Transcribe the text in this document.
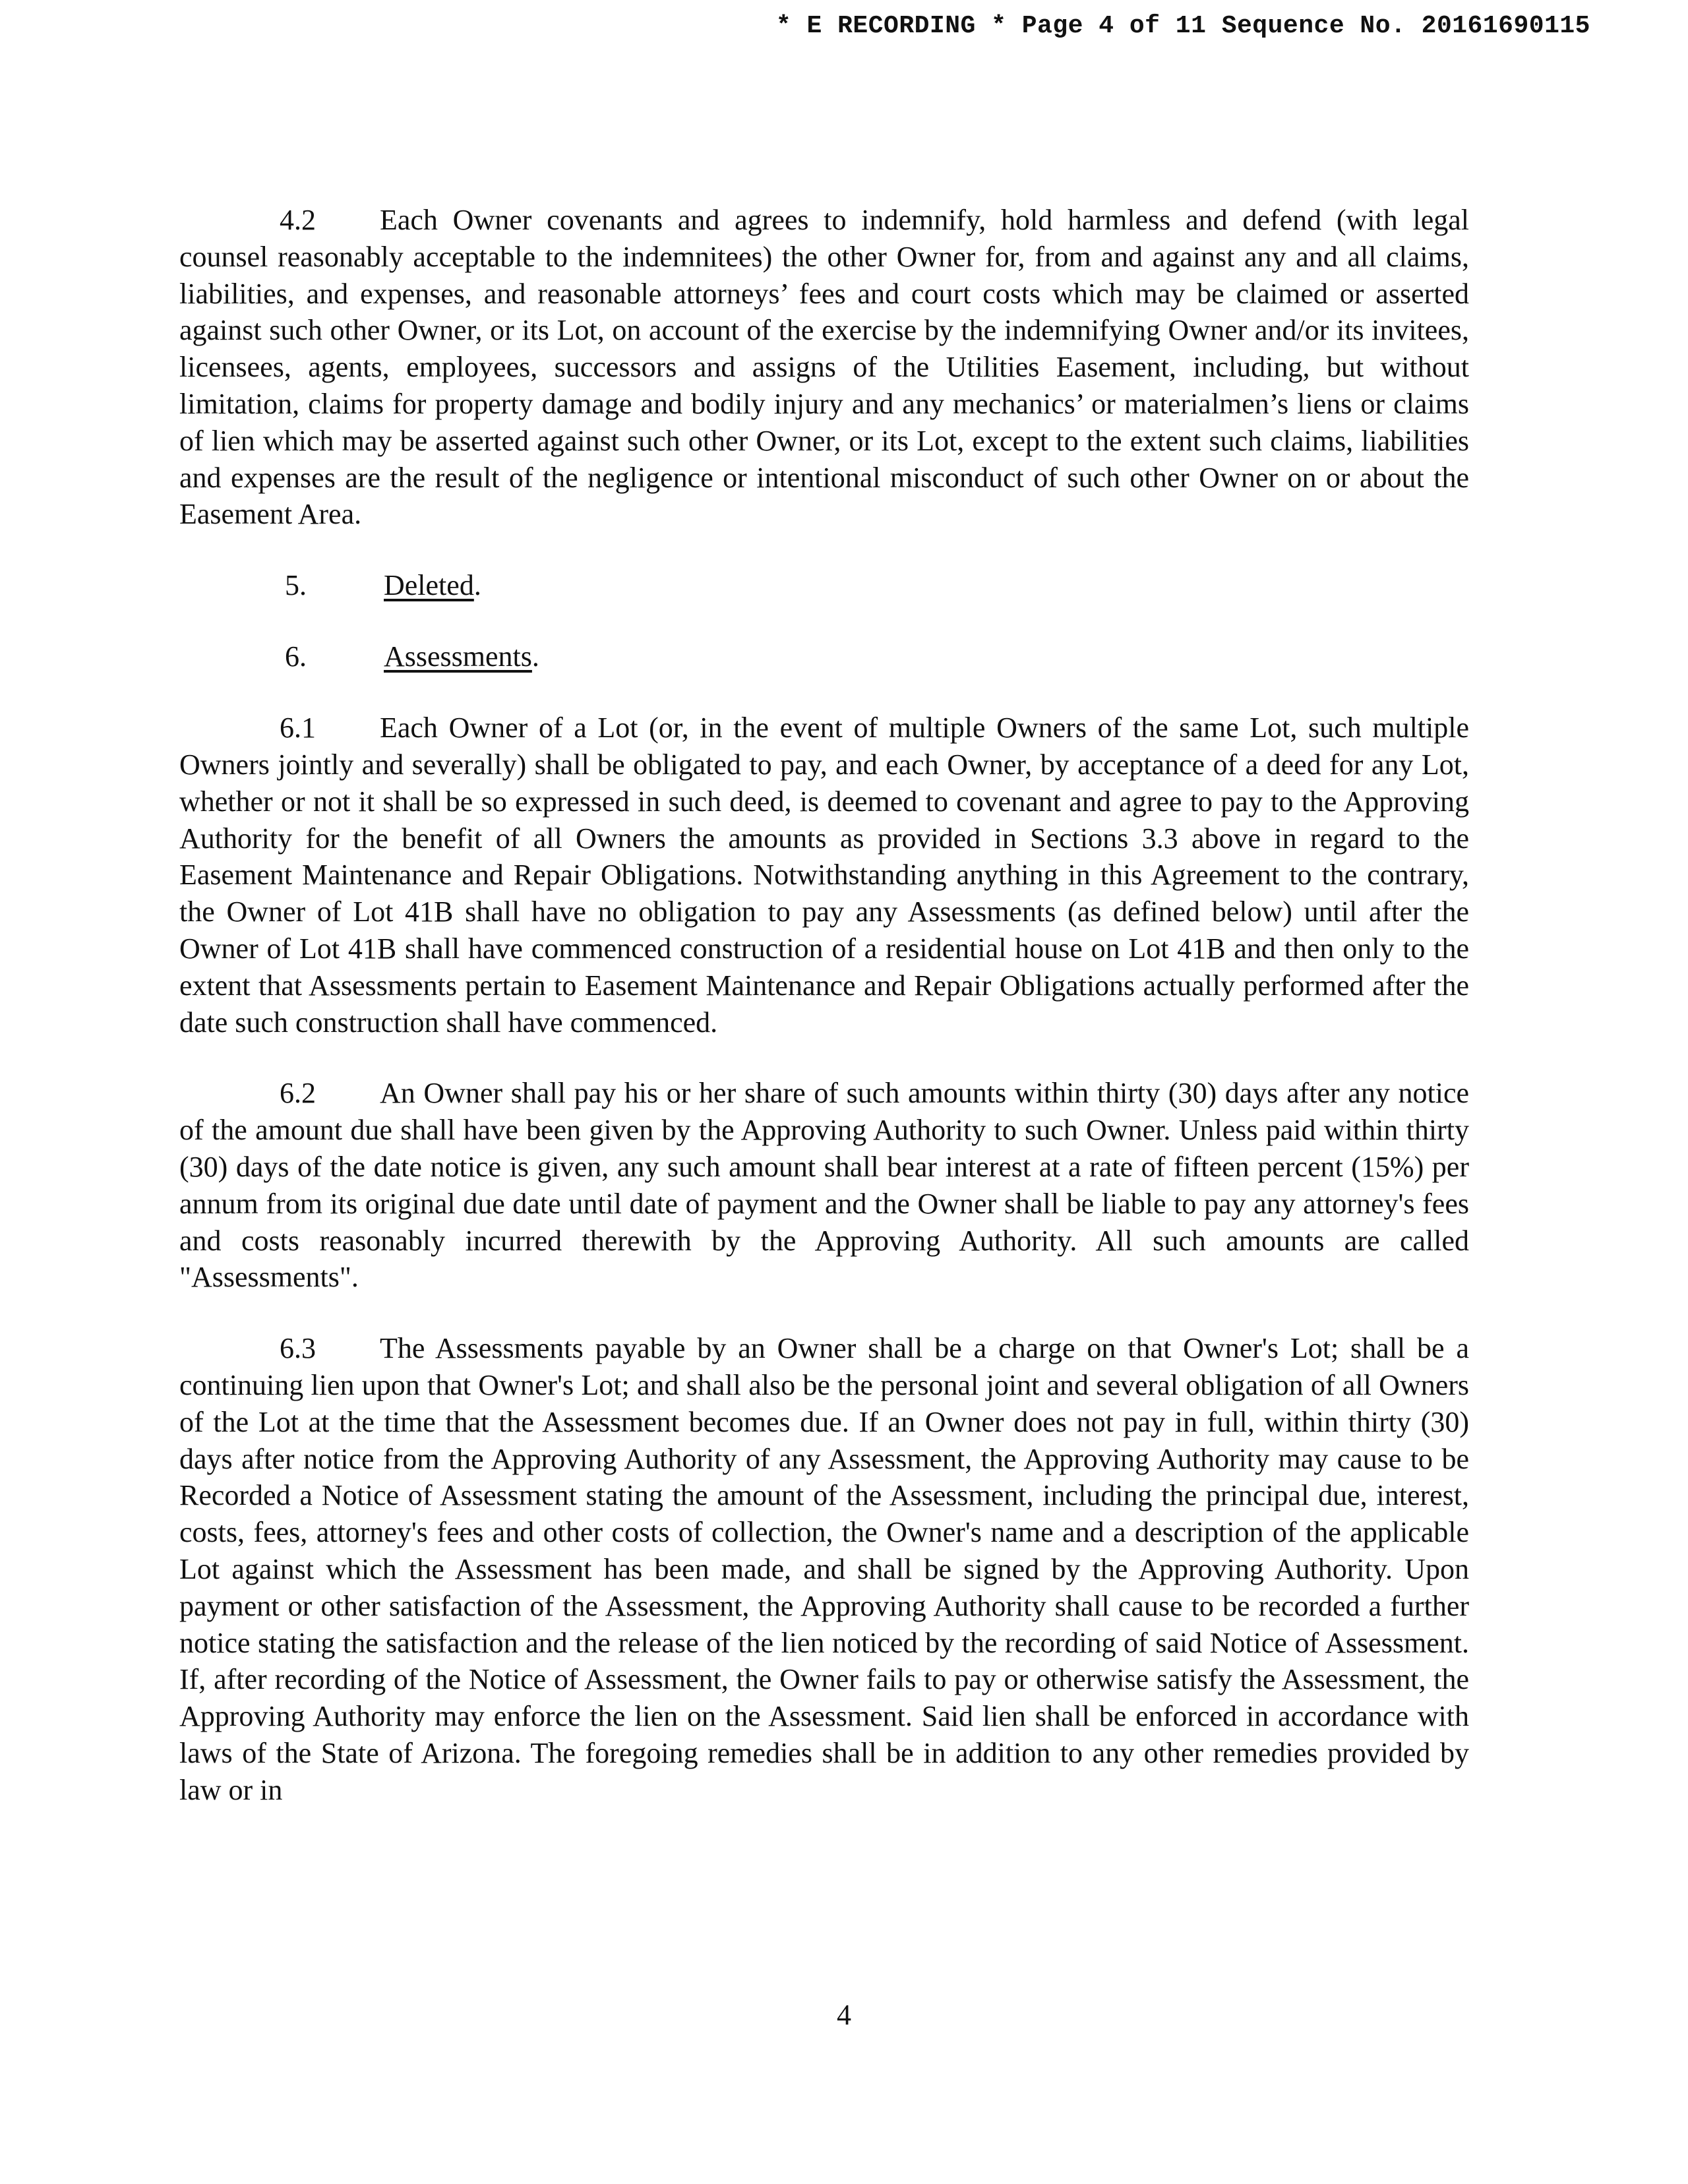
* E RECORDING * Page 4 of 11 Sequence No. 20161690115

4.2 Each Owner covenants and agrees to indemnify, hold harmless and defend (with legal counsel reasonably acceptable to the indemnitees) the other Owner for, from and against any and all claims, liabilities, and expenses, and reasonable attorneys’ fees and court costs which may be claimed or asserted against such other Owner, or its Lot, on account of the exercise by the indemnifying Owner and/or its invitees, licensees, agents, employees, successors and assigns of the Utilities Easement, including, but without limitation, claims for property damage and bodily injury and any mechanics’ or materialmen’s liens or claims of lien which may be asserted against such other Owner, or its Lot, except to the extent such claims, liabilities and expenses are the result of the negligence or intentional misconduct of such other Owner on or about the Easement Area.

5.	Deleted.

6.	Assessments.

6.1 Each Owner of a Lot (or, in the event of multiple Owners of the same Lot, such multiple Owners jointly and severally) shall be obligated to pay, and each Owner, by acceptance of a deed for any Lot, whether or not it shall be so expressed in such deed, is deemed to covenant and agree to pay to the Approving Authority for the benefit of all Owners the amounts as provided in Sections 3.3 above in regard to the Easement Maintenance and Repair Obligations. Notwithstanding anything in this Agreement to the contrary, the Owner of Lot 41B shall have no obligation to pay any Assessments (as defined below) until after the Owner of Lot 41B shall have commenced construction of a residential house on Lot 41B and then only to the extent that Assessments pertain to Easement Maintenance and Repair Obligations actually performed after the date such construction shall have commenced.

6.2 An Owner shall pay his or her share of such amounts within thirty (30) days after any notice of the amount due shall have been given by the Approving Authority to such Owner. Unless paid within thirty (30) days of the date notice is given, any such amount shall bear interest at a rate of fifteen percent (15%) per annum from its original due date until date of payment and the Owner shall be liable to pay any attorney's fees and costs reasonably incurred therewith by the Approving Authority. All such amounts are called "Assessments".

6.3 The Assessments payable by an Owner shall be a charge on that Owner's Lot; shall be a continuing lien upon that Owner's Lot; and shall also be the personal joint and several obligation of all Owners of the Lot at the time that the Assessment becomes due. If an Owner does not pay in full, within thirty (30) days after notice from the Approving Authority of any Assessment, the Approving Authority may cause to be Recorded a Notice of Assessment stating the amount of the Assessment, including the principal due, interest, costs, fees, attorney's fees and other costs of collection, the Owner's name and a description of the applicable Lot against which the Assessment has been made, and shall be signed by the Approving Authority. Upon payment or other satisfaction of the Assessment, the Approving Authority shall cause to be recorded a further notice stating the satisfaction and the release of the lien noticed by the recording of said Notice of Assessment. If, after recording of the Notice of Assessment, the Owner fails to pay or otherwise satisfy the Assessment, the Approving Authority may enforce the lien on the Assessment. Said lien shall be enforced in accordance with laws of the State of Arizona. The foregoing remedies shall be in addition to any other remedies provided by law or in

4
